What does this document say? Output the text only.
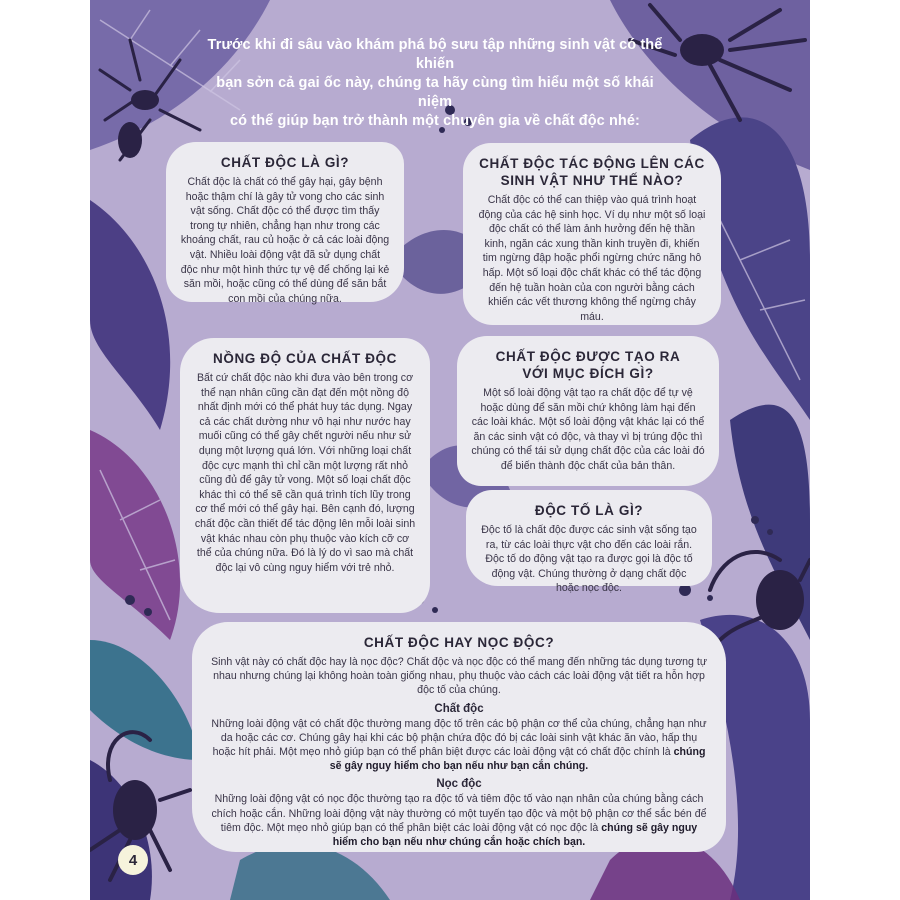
Trước khi đi sâu vào khám phá bộ sưu tập những sinh vật có thể khiến
bạn sởn cả gai ốc này, chúng ta hãy cùng tìm hiểu một số khái niệm
có thể giúp bạn trở thành một chuyên gia về chất độc nhé:
CHẤT ĐỘC LÀ GÌ?

Chất độc là chất có thể gây hại, gây bệnh hoặc thậm chí là gây tử vong cho các sinh vật sống. Chất độc có thể được tìm thấy trong tự nhiên, chẳng hạn như trong các khoáng chất, rau củ hoặc ở cả các loài động vật. Nhiều loài động vật đã sử dụng chất độc như một hình thức tự vệ để chống lại kẻ săn mồi, hoặc cũng có thể dùng để săn bắt con mồi của chúng nữa.

CHẤT ĐỘC TÁC ĐỘNG LÊN CÁC
SINH VẬT NHƯ THẾ NÀO?

Chất độc có thể can thiệp vào quá trình hoạt động của các hệ sinh học. Ví dụ như một số loại độc chất có thể làm ảnh hưởng đến hệ thần kinh, ngăn các xung thần kinh truyền đi, khiến tim ngừng đập hoặc phổi ngừng chức năng hô hấp. Một số loại độc chất khác có thể tác động đến hệ tuần hoàn của con người bằng cách khiến các vết thương không thể ngừng chảy máu.

NỒNG ĐỘ CỦA CHẤT ĐỘC

Bất cứ chất độc nào khi đưa vào bên trong cơ thể nạn nhân cũng cần đạt đến một nồng độ nhất định mới có thể phát huy tác dụng. Ngay cả các chất dường như vô hại như nước hay muối cũng có thể gây chết người nếu như sử dụng một lượng quá lớn. Với những loại chất độc cực mạnh thì chỉ cần một lượng rất nhỏ cũng đủ để gây tử vong. Một số loại chất độc khác thì có thể sẽ cần quá trình tích lũy trong cơ thể mới có thể gây hại. Bên cạnh đó, lượng chất độc cần thiết để tác động lên mỗi loài sinh vật khác nhau còn phụ thuộc vào kích cỡ cơ thể của chúng nữa. Đó là lý do vì sao mà chất độc lại vô cùng nguy hiểm với trẻ nhỏ.

CHẤT ĐỘC ĐƯỢC TẠO RA
VỚI MỤC ĐÍCH GÌ?

Một số loài động vật tạo ra chất độc để tự vệ hoặc dùng để săn mồi chứ không làm hại đến các loài khác. Một số loài động vật khác lại có thể ăn các sinh vật có độc, và thay vì bị trúng độc thì chúng có thể tái sử dụng chất độc của các loài đó để biến thành độc chất của bản thân.

ĐỘC TỐ LÀ GÌ?

Độc tố là chất độc được các sinh vật sống tạo ra, từ các loài thực vật cho đến các loài rắn. Độc tố do động vật tạo ra được gọi là độc tố động vật. Chúng thường ở dạng chất độc hoặc nọc độc.

CHẤT ĐỘC HAY NỌC ĐỘC?

Sinh vật này có chất độc hay là nọc độc? Chất độc và nọc độc có thể mang đến những tác dụng tương tự nhau nhưng chúng lại không hoàn toàn giống nhau, phụ thuộc vào cách các loài động vật tiết ra hỗn hợp độc tố của chúng.

Chất độc

Những loài động vật có chất độc thường mang độc tố trên các bộ phận cơ thể của chúng, chẳng hạn như da hoặc các cơ. Chúng gây hại khi các bộ phận chứa độc đó bị các loài sinh vật khác ăn vào, hấp thụ hoặc hít phải. Một mẹo nhỏ giúp bạn có thể phân biệt được các loài động vật có chất độc chính là chúng sẽ gây nguy hiểm cho bạn nếu như bạn cắn chúng.

Nọc độc

Những loài động vật có nọc độc thường tạo ra độc tố và tiêm độc tố vào nạn nhân của chúng bằng cách chích hoặc cắn. Những loài động vật này thường có một tuyến tạo độc và một bộ phận cơ thể sắc bén để tiêm độc. Một mẹo nhỏ giúp bạn có thể phân biệt các loài động vật có nọc độc là chúng sẽ gây nguy hiểm cho bạn nếu như chúng cắn hoặc chích bạn.

4
